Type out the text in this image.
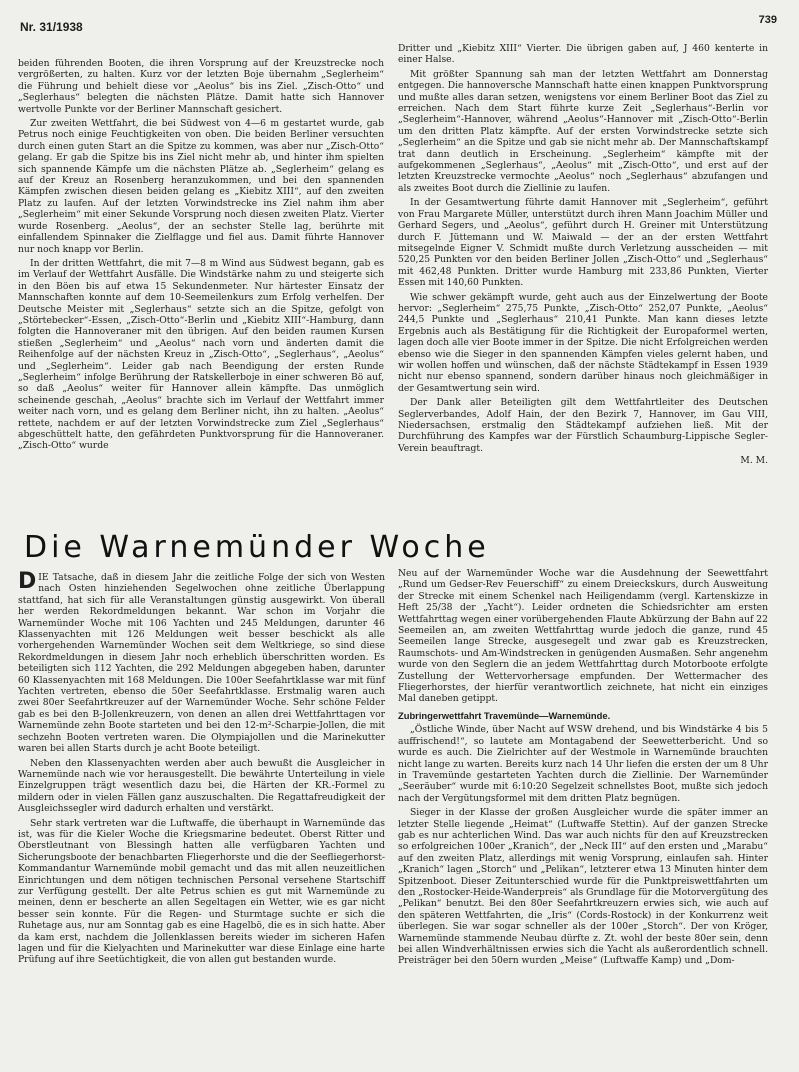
Nr. 31/1938	739

beiden führenden Booten, die ihren Vorsprung auf der Kreuzstrecke noch vergrößerten, zu halten. Kurz vor der letzten Boje übernahm „Seglerheim“ die Führung und behielt diese vor „Aeolus“ bis ins Ziel. „Zisch-Otto“ und „Seglerhaus“ belegten die nächsten Plätze. Damit hatte sich Hannover wertvolle Punkte vor der Berliner Mannschaft gesichert.

Zur zweiten Wettfahrt, die bei Südwest von 4—6 m gestartet wurde, gab Petrus noch einige Feuchtigkeiten von oben. Die beiden Berliner versuchten durch einen guten Start an die Spitze zu kommen, was aber nur „Zisch-Otto“ gelang. Er gab die Spitze bis ins Ziel nicht mehr ab, und hinter ihm spielten sich spannende Kämpfe um die nächsten Plätze ab. „Seglerheim“ gelang es auf der Kreuz an Rosenberg heranzukommen, und bei den spannenden Kämpfen zwischen diesen beiden gelang es „Kiebitz XIII“, auf den zweiten Platz zu laufen. Auf der letzten Vorwindstrecke ins Ziel nahm ihm aber „Seglerheim“ mit einer Sekunde Vorsprung noch diesen zweiten Platz. Vierter wurde Rosenberg. „Aeolus“, der an sechster Stelle lag, berührte mit einfallendem Spinnaker die Zielflagge und fiel aus. Damit führte Hannover nur noch knapp vor Berlin.

In der dritten Wettfahrt, die mit 7—8 m Wind aus Südwest begann, gab es im Verlauf der Wettfahrt Ausfälle. Die Windstärke nahm zu und steigerte sich in den Böen bis auf etwa 15 Sekundenmeter. Nur härtester Einsatz der Mannschaften konnte auf dem 10-Seemeilenkurs zum Erfolg verhelfen. Der Deutsche Meister mit „Seglerhaus“ setzte sich an die Spitze, gefolgt von „Störtebecker“-Essen, „Zisch-Otto“-Berlin und „Kiebitz XIII“-Hamburg, dann folgten die Hannoveraner mit den übrigen. Auf den beiden raumen Kursen stießen „Seglerheim“ und „Aeolus“ nach vorn und änderten damit die Reihenfolge auf der nächsten Kreuz in „Zisch-Otto“, „Seglerhaus“, „Aeolus“ und „Seglerheim“. Leider gab nach Beendigung der ersten Runde „Seglerheim“ infolge Berührung der Ratskellerboje in einer schweren Bö auf, so daß „Aeolus“ weiter für Hannover allein kämpfte. Das unmöglich scheinende geschah, „Aeolus“ brachte sich im Verlauf der Wettfahrt immer weiter nach vorn, und es gelang dem Berliner nicht, ihn zu halten. „Aeolus“ rettete, nachdem er auf der letzten Vorwindstrecke zum Ziel „Seglerhaus“ abgeschüttelt hatte, den gefährdeten Punktvorsprung für die Hannoveraner. „Zisch-Otto“ wurde

Dritter und „Kiebitz XIII“ Vierter. Die übrigen gaben auf, J 460 kenterte in einer Halse.

Mit größter Spannung sah man der letzten Wettfahrt am Donnerstag entgegen. Die hannoversche Mannschaft hatte einen knappen Punktvorsprung und mußte alles daran setzen, wenigstens vor einem Berliner Boot das Ziel zu erreichen. Nach dem Start führte kurze Zeit „Seglerhaus“-Berlin vor „Seglerheim“-Hannover, während „Aeolus“-Hannover mit „Zisch-Otto“-Berlin um den dritten Platz kämpfte. Auf der ersten Vorwindstrecke setzte sich „Seglerheim“ an die Spitze und gab sie nicht mehr ab. Der Mannschaftskampf trat dann deutlich in Erscheinung. „Seglerheim“ kämpfte mit der aufgekommenen „Seglerhaus“, „Aeolus“ mit „Zisch-Otto“, und erst auf der letzten Kreuzstrecke vermochte „Aeolus“ noch „Seglerhaus“ abzufangen und als zweites Boot durch die Ziellinie zu laufen.

In der Gesamtwertung führte damit Hannover mit „Seglerheim“, geführt von Frau Margarete Müller, unterstützt durch ihren Mann Joachim Müller und Gerhard Segers, und „Aeolus“, geführt durch H. Greiner mit Unterstützung durch F. Jüttemann und W. Maiwald — der an der ersten Wettfahrt mitsegelnde Eigner V. Schmidt mußte durch Verletzung ausscheiden — mit 520,25 Punkten vor den beiden Berliner Jollen „Zisch-Otto“ und „Seglerhaus“ mit 462,48 Punkten. Dritter wurde Hamburg mit 233,86 Punkten, Vierter Essen mit 140,60 Punkten.

Wie schwer gekämpft wurde, geht auch aus der Einzelwertung der Boote hervor: „Seglerheim“ 275,75 Punkte, „Zisch-Otto“ 252,07 Punkte, „Aeolus“ 244,5 Punkte und „Seglerhaus“ 210,41 Punkte. Man kann dieses letzte Ergebnis auch als Bestätigung für die Richtigkeit der Europaformel werten, lagen doch alle vier Boote immer in der Spitze. Die nicht Erfolgreichen werden ebenso wie die Sieger in den spannenden Kämpfen vieles gelernt haben, und wir wollen hoffen und wünschen, daß der nächste Städtekampf in Essen 1939 nicht nur ebenso spannend, sondern darüber hinaus noch gleichmäßiger in der Gesamtwertung sein wird.

Der Dank aller Beteiligten gilt dem Wettfahrtleiter des Deutschen Seglerverbandes, Adolf Hain, der den Bezirk 7, Hannover, im Gau VIII, Niedersachsen, erstmalig den Städtekampf aufziehen ließ. Mit der Durchführung des Kampfes war der Fürstlich Schaumburg-Lippische Segler-Verein beauftragt.

M. M.
Die Warnemünder Woche

DIE Tatsache, daß in diesem Jahr die zeitliche Folge der sich von Westen nach Osten hinziehenden Segelwochen ohne zeitliche Überlappung stattfand, hat sich für alle Veranstaltungen günstig ausgewirkt. Von überall her werden Rekordmeldungen bekannt. War schon im Vorjahr die Warnemünder Woche mit 106 Yachten und 245 Meldungen, darunter 46 Klassenyachten mit 126 Meldungen weit besser beschickt als alle vorhergehenden Warnemünder Wochen seit dem Weltkriege, so sind diese Rekordmeldungen in diesem Jahr noch erheblich überschritten worden. Es beteiligten sich 112 Yachten, die 292 Meldungen abgegeben haben, darunter 60 Klassenyachten mit 168 Meldungen. Die 100er Seefahrtklasse war mit fünf Yachten vertreten, ebenso die 50er Seefahrtklasse. Erstmalig waren auch zwei 80er Seefahrtkreuzer auf der Warnemünder Woche. Sehr schöne Felder gab es bei den B-Jollenkreuzern, von denen an allen drei Wettfahrttagen vor Warnemünde zehn Boote starteten und bei den 12-m²-Scharpie-Jollen, die mit sechzehn Booten vertreten waren. Die Olympiajollen und die Marinekutter waren bei allen Starts durch je acht Boote beteiligt.

Neben den Klassenyachten werden aber auch bewußt die Ausgleicher in Warnemünde nach wie vor herausgestellt. Die bewährte Unterteilung in viele Einzelgruppen trägt wesentlich dazu bei, die Härten der KR.-Formel zu mildern oder in vielen Fällen ganz auszuschalten. Die Regattafreudigkeit der Ausgleichssegler wird dadurch erhalten und verstärkt.

Sehr stark vertreten war die Luftwaffe, die überhaupt in Warnemünde das ist, was für die Kieler Woche die Kriegsmarine bedeutet. Oberst Ritter und Oberstleutnant von Blessingh hatten alle verfügbaren Yachten und Sicherungsboote der benachbarten Fliegerhorste und die der Seefliegerhorst-Kommandantur Warnemünde mobil gemacht und das mit allen neuzeitlichen Einrichtungen und dem nötigen technischen Personal versehene Startschiff zur Verfügung gestellt. Der alte Petrus schien es gut mit Warnemünde zu meinen, denn er bescherte an allen Segeltagen ein Wetter, wie es gar nicht besser sein konnte. Für die Regen- und Sturmtage suchte er sich die Ruhetage aus, nur am Sonntag gab es eine Hagelbö, die es in sich hatte. Aber da kam erst, nachdem die Jollenklassen bereits wieder im sicheren Hafen lagen und für die Kielyachten und Marinekutter war diese Einlage eine harte Prüfung auf ihre Seetüchtigkeit, die von allen gut bestanden wurde.

Neu auf der Warnemünder Woche war die Ausdehnung der Seewettfahrt „Rund um Gedser-Rev Feuerschiff“ zu einem Dreieckskurs, durch Ausweitung der Strecke mit einem Schenkel nach Heiligendamm (vergl. Kartenskizze in Heft 25/38 der „Yacht“). Leider ordneten die Schiedsrichter am ersten Wettfahrttag wegen einer vorübergehenden Flaute Abkürzung der Bahn auf 22 Seemeilen an, am zweiten Wettfahrttag wurde jedoch die ganze, rund 45 Seemeilen lange Strecke, ausgesegelt und zwar gab es Kreuzstrecken, Raumschots- und Am-Windstrecken in genügenden Ausmaßen. Sehr angenehm wurde von den Seglern die an jedem Wettfahrttag durch Motorboote erfolgte Zustellung der Wettervorhersage empfunden. Der Wettermacher des Fliegerhorstes, der hierfür verantwortlich zeichnete, hat nicht ein einziges Mal daneben getippt.

Zubringerwettfahrt Travemünde—Warnemünde.

„Östliche Winde, über Nacht auf WSW drehend, und bis Windstärke 4 bis 5 auffrischend!“, so lautete am Montagabend der Seewetterbericht. Und so wurde es auch. Die Zielrichter auf der Westmole in Warnemünde brauchten nicht lange zu warten. Bereits kurz nach 14 Uhr liefen die ersten der um 8 Uhr in Travemünde gestarteten Yachten durch die Ziellinie. Der Warnemünder „Seeräuber“ wurde mit 6:10:20 Segelzeit schnellstes Boot, mußte sich jedoch nach der Vergütungsformel mit dem dritten Platz begnügen.

Sieger in der Klasse der großen Ausgleicher wurde die später immer an letzter Stelle liegende „Heimat“ (Luftwaffe Stettin). Auf der ganzen Strecke gab es nur achterlichen Wind. Das war auch nichts für den auf Kreuzstrecken so erfolgreichen 100er „Kranich“, der „Neck III“ auf den ersten und „Marabu“ auf den zweiten Platz, allerdings mit wenig Vorsprung, einlaufen sah. Hinter „Kranich“ lagen „Storch“ und „Pelikan“, letzterer etwa 13 Minuten hinter dem Spitzenboot. Dieser Zeitunterschied wurde für die Punktpreiswettfahrten um den „Rostocker-Heide-Wanderpreis“ als Grundlage für die Motorvergütung des „Pelikan“ benutzt. Bei den 80er Seefahrtkreuzern erwies sich, wie auch auf den späteren Wettfahrten, die „Iris“ (Cords-Rostock) in der Konkurrenz weit überlegen. Sie war sogar schneller als der 100er „Storch“. Der von Kröger, Warnemünde stammende Neubau dürfte z. Zt. wohl der beste 80er sein, denn bei allen Windverhältnissen erwies sich die Yacht als außerordentlich schnell. Preisträger bei den 50ern wurden „Meise“ (Luftwaffe Kamp) und „Dom-
